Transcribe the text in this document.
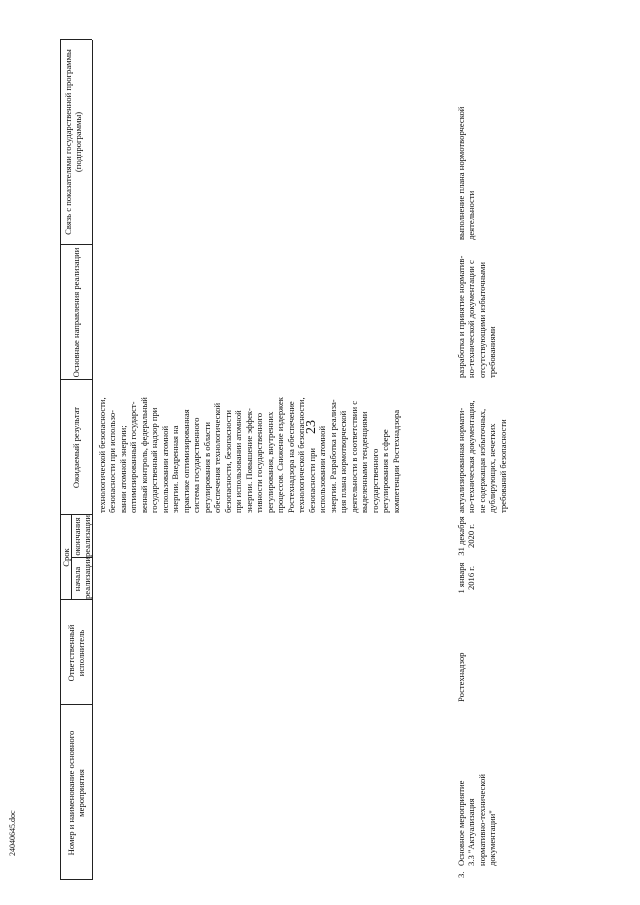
23
Номер и наименование основного мероприятия
Ответственный исполнитель
Срок
начала реализации
окончания реализации
Ожидаемый результат
Основные направления реализации
Связь с показателями государственной программы (подпрограммы)
технологической безопасности, безопасности при использо- вании атомной энергии; оптимизированный государст- венный контроль, федеральный государственный надзор при использовании атомной энергии. Внедренная на практике оптимизированная система государственного регулирования в области обеспечения технологической безопасности, безопасности при использовании атомной энергии. Повышение эффек- тивности государственного регулирования, внутренних процессов. Снижение издержек Ростехнадзора на обеспечение технологической безопасности, безопасности при использовании атомной энергии. Разработка и реализа- ция плана нормотворческой деятельности в соответствии с выделенными тенденциями государственного регулирования в сфере компетенции Ростехнадзора
3.
Основное мероприятие 3.3 "Актуализация нормативно-технической документации"
Ростехнадзор
1 января 2016 г.
31 декабря 2020 г.
актуализированная нормати- но-техническая документация, не содержащая избыточных, дублирующих, нечетких требований безопасности
разработка и принятие норматив- но-технической документации с отсутствующими избыточными требованиями
выполнение плана нормотворческой деятельности
24040645.doc
